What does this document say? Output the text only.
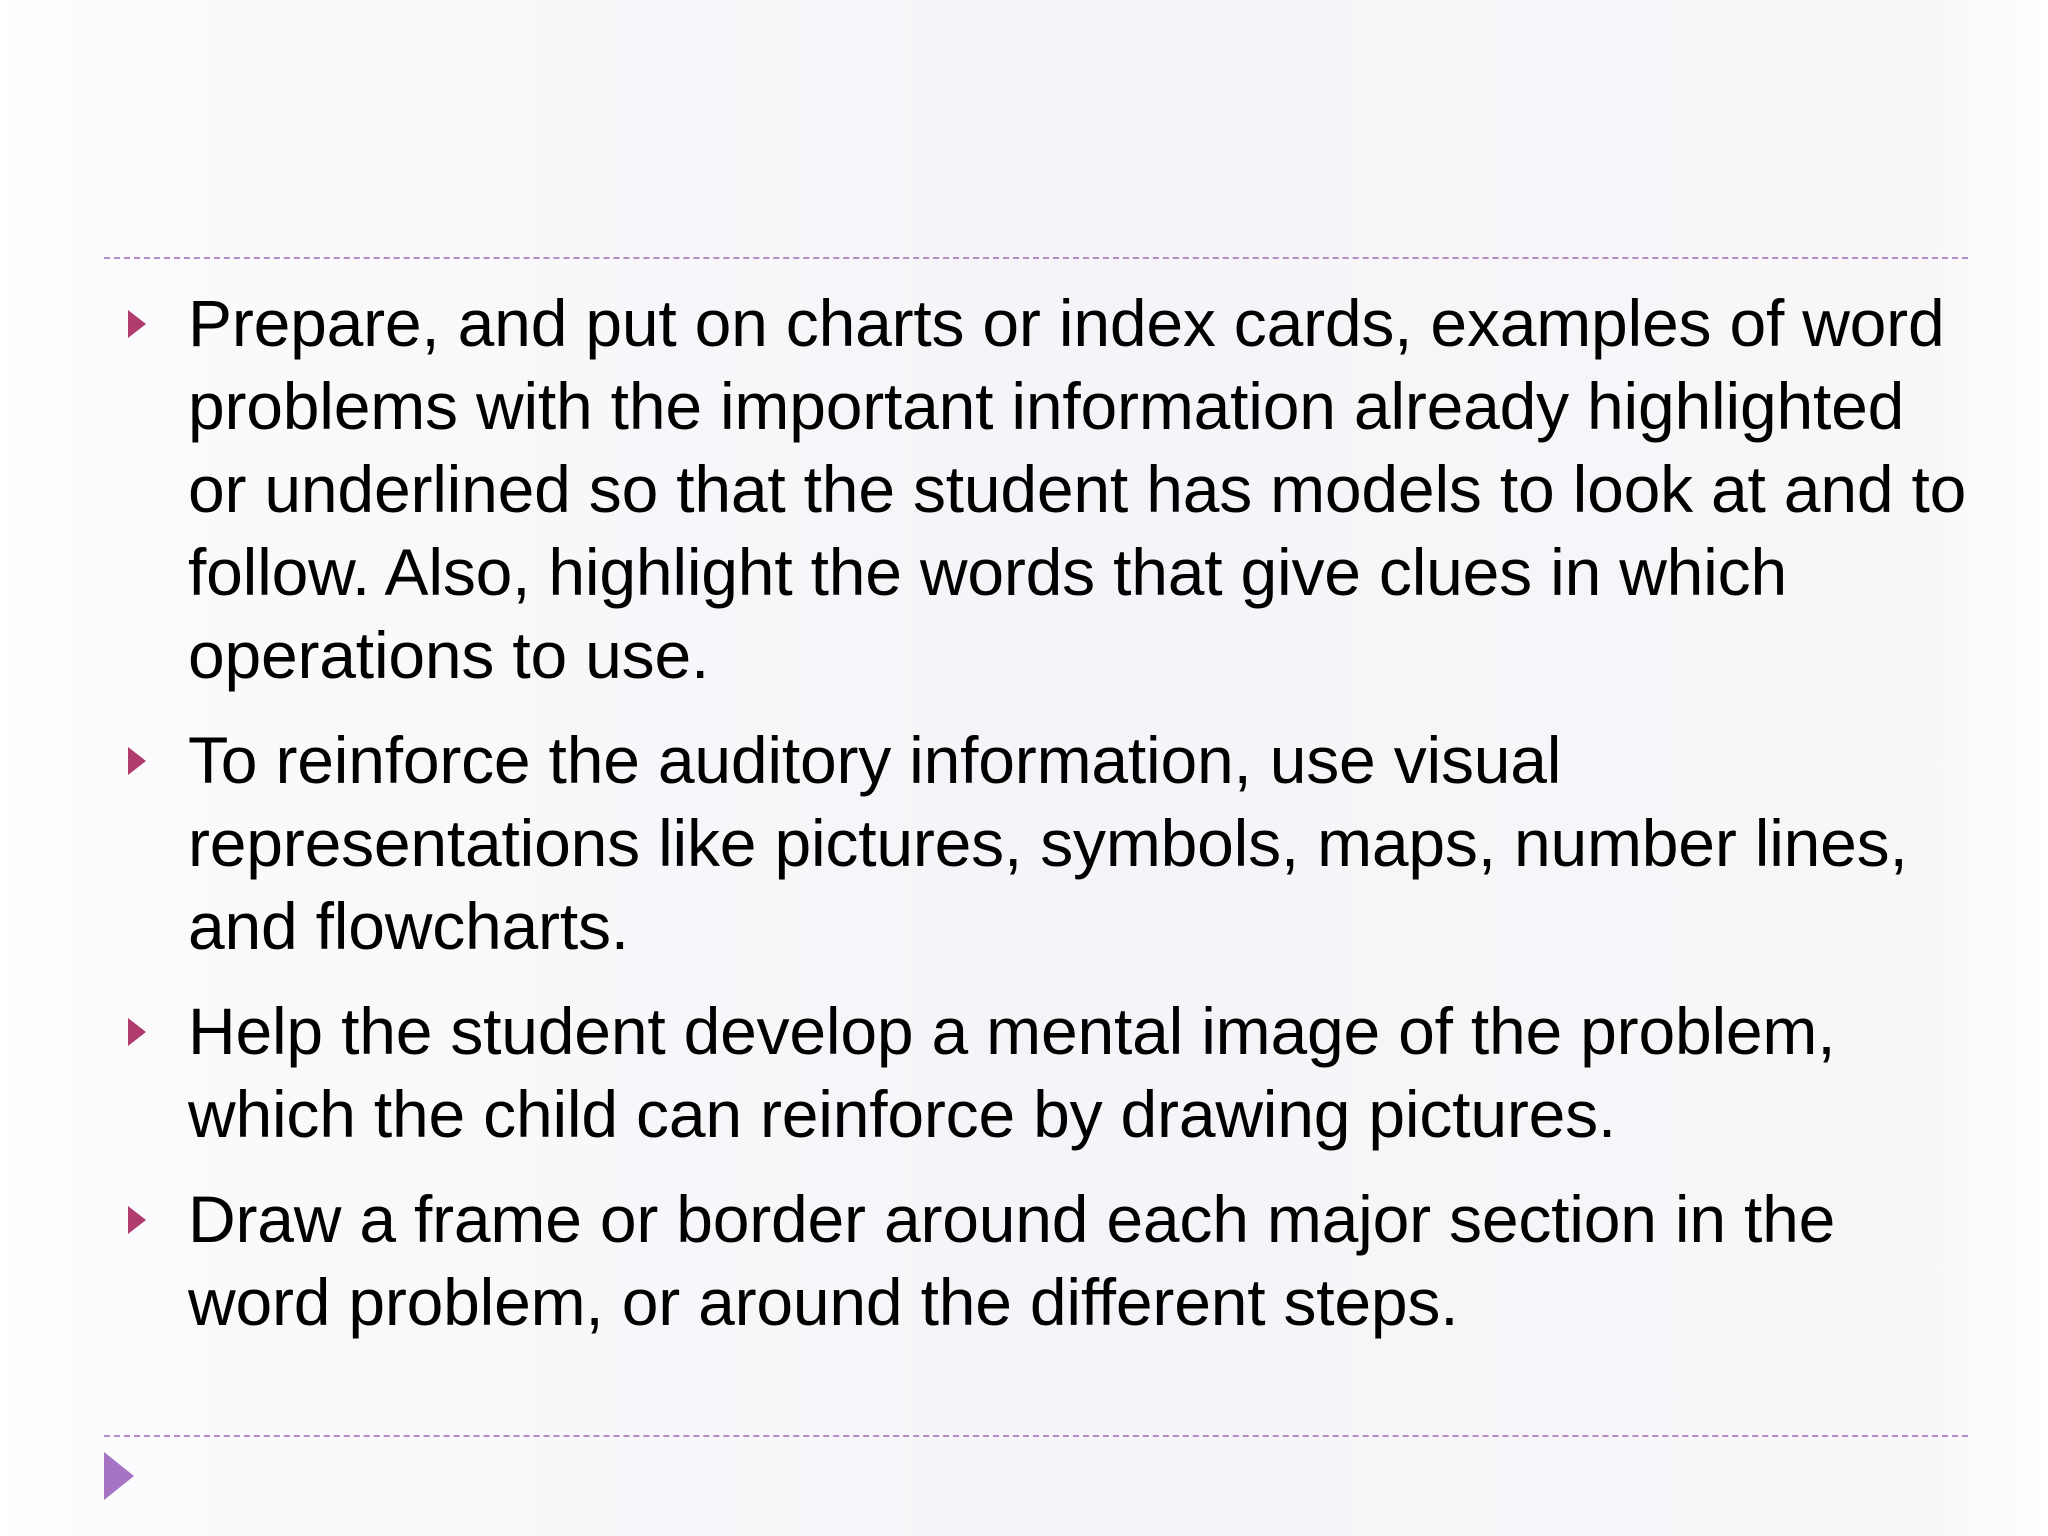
Prepare, and put on charts or index cards, examples of word problems with the important information already highlighted or underlined so that the student has models to look at and to follow. Also, highlight the words that give clues in which operations to use.
To reinforce the auditory information, use visual representations like pictures, symbols, maps, number lines, and flowcharts.
Help the student develop a mental image of the problem, which the child can reinforce by drawing pictures.
Draw a frame or border around each major section in the word problem, or around the different steps.
